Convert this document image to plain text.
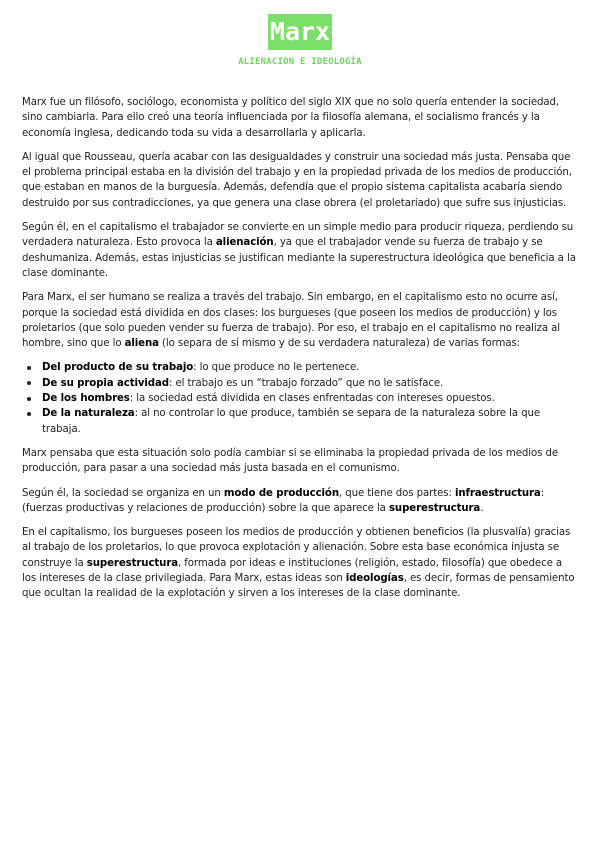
Marx
ALIENACIÓN E IDEOLOGÍA

Marx fue un filósofo, sociólogo, economista y político del siglo XIX que no solo quería entender la sociedad, sino cambiarla. Para ello creó una teoría influenciada por la filosofía alemana, el socialismo francés y la economía inglesa, dedicando toda su vida a desarrollarla y aplicarla.

Al igual que Rousseau, quería acabar con las desigualdades y construir una sociedad más justa. Pensaba que el problema principal estaba en la división del trabajo y en la propiedad privada de los medios de producción, que estaban en manos de la burguesía. Además, defendía que el propio sistema capitalista acabaría siendo destruido por sus contradicciones, ya que genera una clase obrera (el proletariado) que sufre sus injusticias.

Según él, en el capitalismo el trabajador se convierte en un simple medio para producir riqueza, perdiendo su verdadera naturaleza. Esto provoca la alienación, ya que el trabajador vende su fuerza de trabajo y se deshumaniza. Además, estas injusticias se justifican mediante la superestructura ideológica que beneficia a la clase dominante.

Para Marx, el ser humano se realiza a través del trabajo. Sin embargo, en el capitalismo esto no ocurre así, porque la sociedad está dividida en dos clases: los burgueses (que poseen los medios de producción) y los proletarios (que solo pueden vender su fuerza de trabajo). Por eso, el trabajo en el capitalismo no realiza al hombre, sino que lo aliena (lo separa de sí mismo y de su verdadera naturaleza) de varias formas:

Del producto de su trabajo: lo que produce no le pertenece.
De su propia actividad: el trabajo es un “trabajo forzado” que no le satisface.
De los hombres: la sociedad está dividida en clases enfrentadas con intereses opuestos.
De la naturaleza: al no controlar lo que produce, también se separa de la naturaleza sobre la que trabaja.

Marx pensaba que esta situación solo podía cambiar si se eliminaba la propiedad privada de los medios de producción, para pasar a una sociedad más justa basada en el comunismo.

Según él, la sociedad se organiza en un modo de producción, que tiene dos partes: infraestructura: (fuerzas productivas y relaciones de producción) sobre la que aparece la superestructura.

En el capitalismo, los burgueses poseen los medios de producción y obtienen beneficios (la plusvalía) gracias al trabajo de los proletarios, lo que provoca explotación y alienación. Sobre esta base económica injusta se construye la superestructura, formada por ideas e instituciones (religión, estado, filosofía) que obedece a los intereses de la clase privilegiada. Para Marx, estas ideas son ideologías, es decir, formas de pensamiento que ocultan la realidad de la explotación y sirven a los intereses de la clase dominante.
